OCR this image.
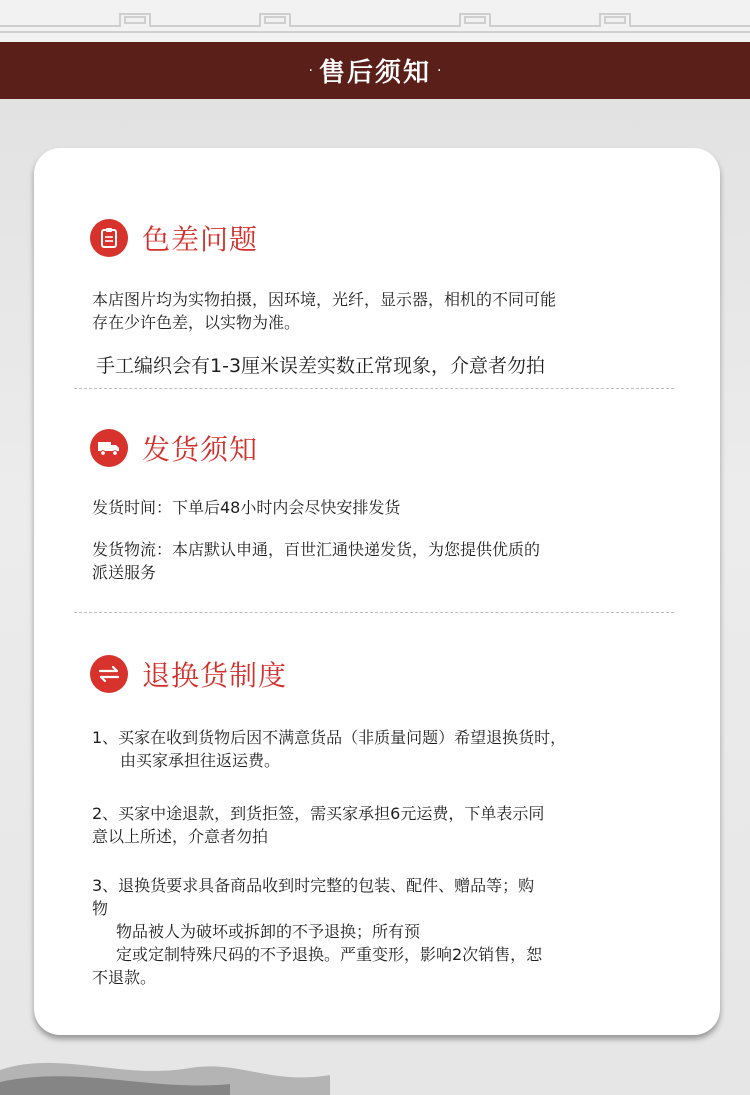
· 售后须知 ·
色差问题
本店图片均为实物拍摄，因环境，光纤，显示器，相机的不同可能
存在少许色差，以实物为准。
手工编织会有1-3厘米误差实数正常现象，介意者勿拍
发货须知
发货时间：下单后48小时内会尽快安排发货
发货物流：本店默认申通，百世汇通快递发货，为您提供优质的
派送服务
退换货制度
1、买家在收到货物后因不满意货品（非质量问题）希望退换货时，
由买家承担往返运费。
2、买家中途退款，到货拒签，需买家承担6元运费，下单表示同
意以上所述，介意者勿拍
3、退换货要求具备商品收到时完整的包装、配件、赠品等；购
物
物品被人为破坏或拆卸的不予退换；所有预
定或定制特殊尺码的不予退换。严重变形，影响2次销售，恕
不退款。
